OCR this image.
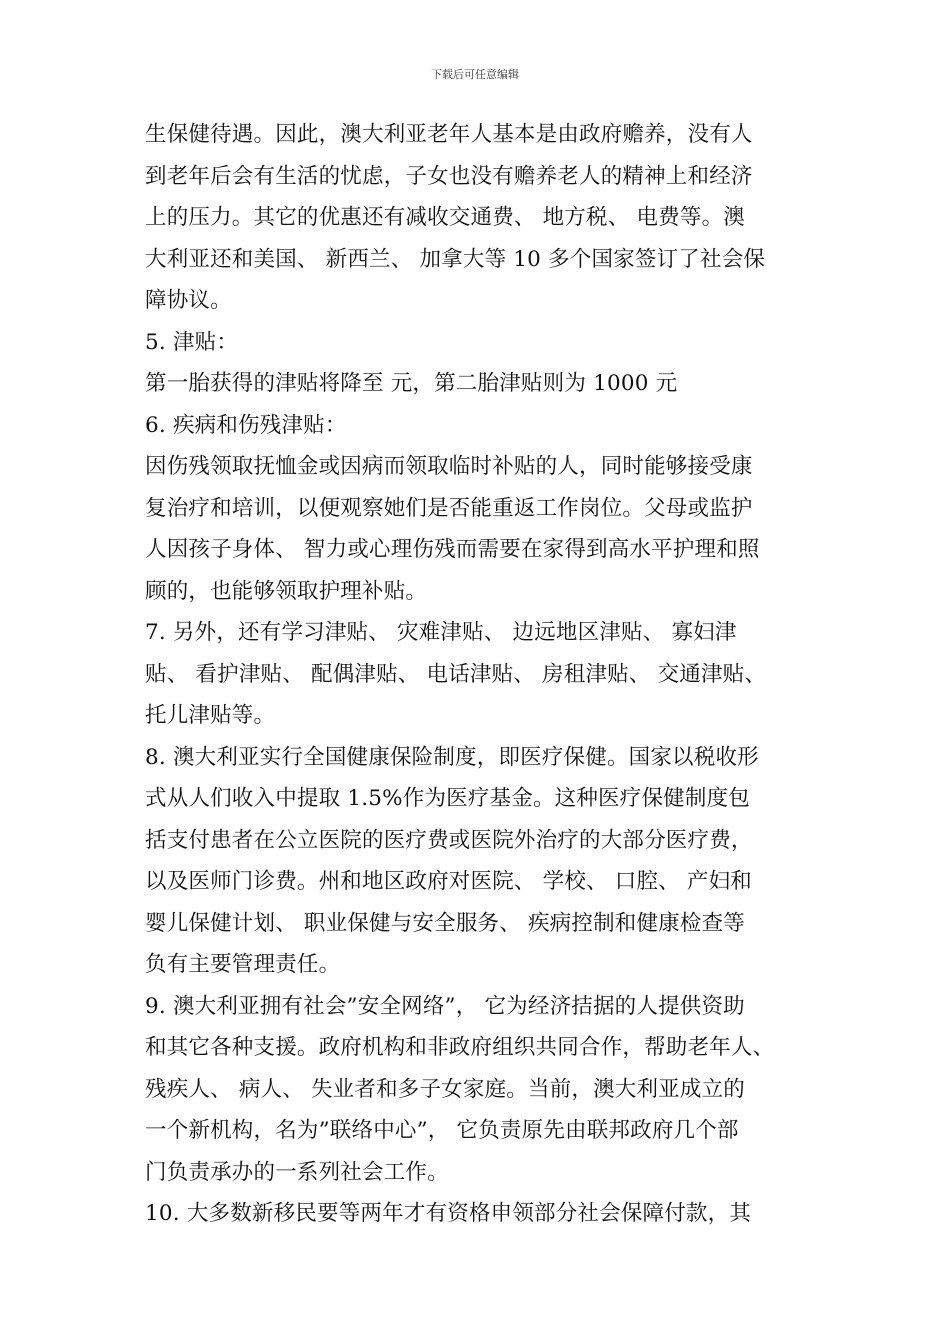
下载后可任意编辑
生保健待遇。因此，澳大利亚老年人基本是由政府赡养，没有人
到老年后会有生活的忧虑，子女也没有赡养老人的精神上和经济
上的压力。其它的优惠还有减收交通费、 地方税、 电费等。澳
大利亚还和美国、 新西兰、 加拿大等 10 多个国家签订了社会保
障协议。
5. 津贴：
第一胎获得的津贴将降至 元，第二胎津贴则为 1000 元
6. 疾病和伤残津贴：
因伤残领取抚恤金或因病而领取临时补贴的人，同时能够接受康
复治疗和培训，以便观察她们是否能重返工作岗位。父母或监护
人因孩子身体、 智力或心理伤残而需要在家得到高水平护理和照
顾的，也能够领取护理补贴。
7. 另外，还有学习津贴、 灾难津贴、 边远地区津贴、 寡妇津
贴、 看护津贴、 配偶津贴、 电话津贴、 房租津贴、 交通津贴、
托儿津贴等。
8. 澳大利亚实行全国健康保险制度，即医疗保健。国家以税收形
式从人们收入中提取 1.5%作为医疗基金。这种医疗保健制度包
括支付患者在公立医院的医疗费或医院外治疗的大部分医疗费，
以及医师门诊费。州和地区政府对医院、 学校、 口腔、 产妇和
婴儿保健计划、 职业保健与安全服务、 疾病控制和健康检查等
负有主要管理责任。
9. 澳大利亚拥有社会”安全网络”， 它为经济拮据的人提供资助
和其它各种支援。政府机构和非政府组织共同合作，帮助老年人、
残疾人、 病人、 失业者和多子女家庭。当前，澳大利亚成立的
一个新机构，名为”联络中心”， 它负责原先由联邦政府几个部
门负责承办的一系列社会工作。
10. 大多数新移民要等两年才有资格申领部分社会保障付款，其
